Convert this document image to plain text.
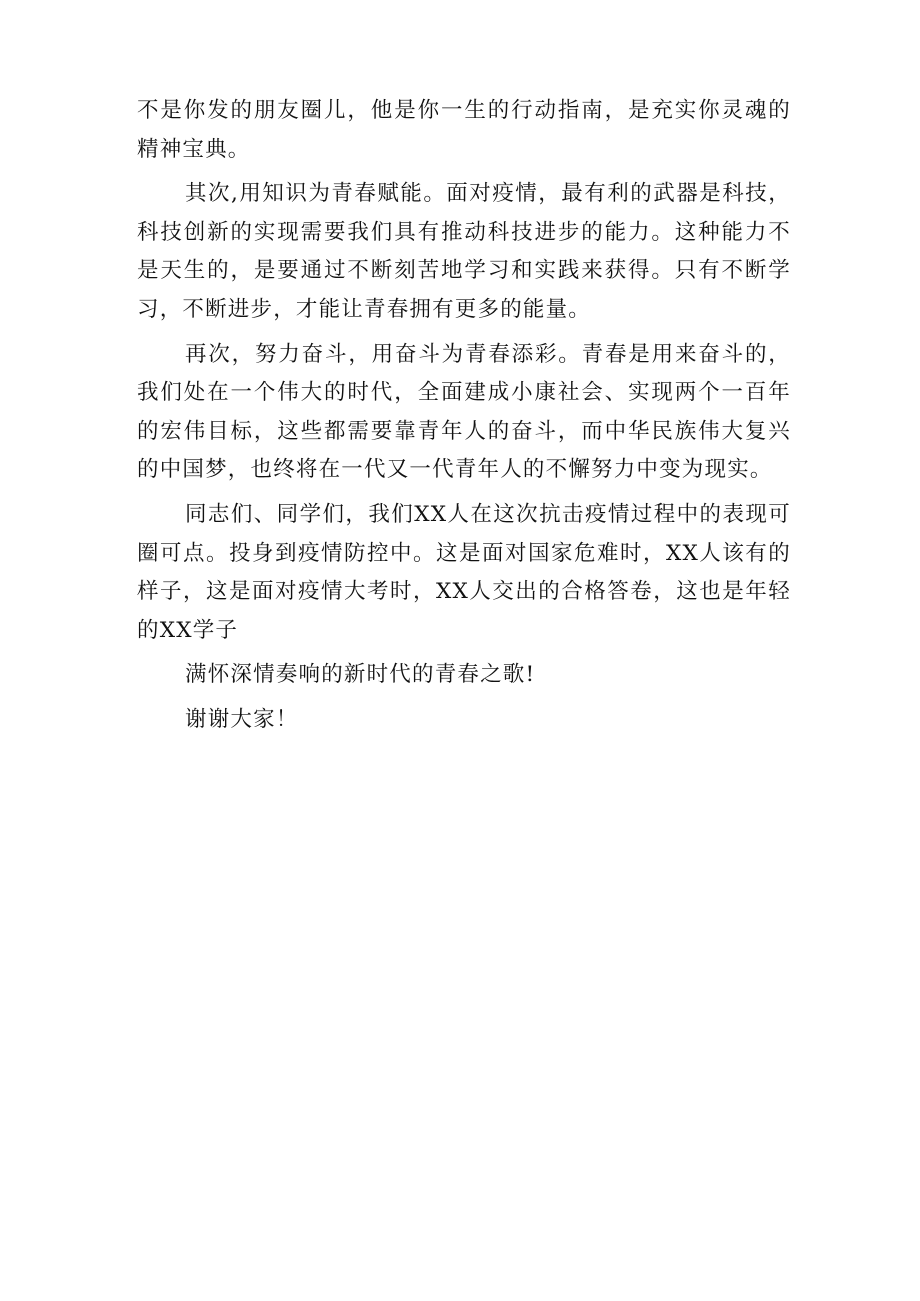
不是你发的朋友圈儿，他是你一生的行动指南，是充实你灵魂的精神宝典。

其次,用知识为青春赋能。面对疫情，最有利的武器是科技，科技创新的实现需要我们具有推动科技进步的能力。这种能力不是天生的，是要通过不断刻苦地学习和实践来获得。只有不断学习，不断进步，才能让青春拥有更多的能量。

再次，努力奋斗，用奋斗为青春添彩。青春是用来奋斗的，我们处在一个伟大的时代，全面建成小康社会、实现两个一百年的宏伟目标，这些都需要靠青年人的奋斗，而中华民族伟大复兴的中国梦，也终将在一代又一代青年人的不懈努力中变为现实。

同志们、同学们，我们XX人在这次抗击疫情过程中的表现可圈可点。投身到疫情防控中。这是面对国家危难时，XX人该有的样子，这是面对疫情大考时，XX人交出的合格答卷，这也是年轻的XX学子

满怀深情奏响的新时代的青春之歌!

谢谢大家！
